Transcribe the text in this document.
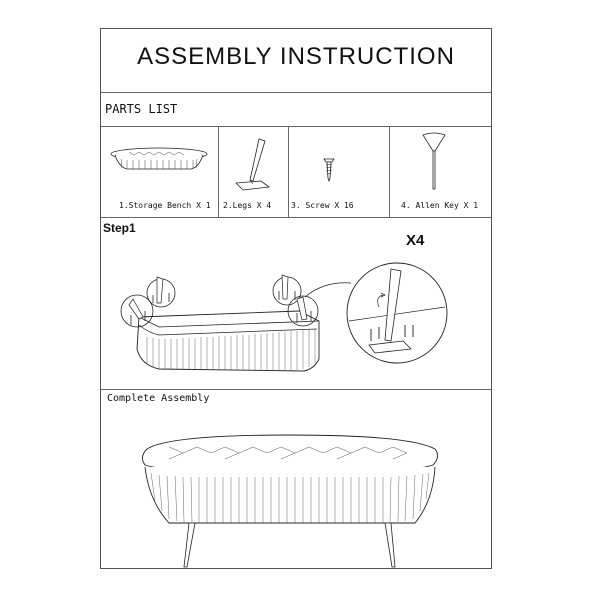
ASSEMBLY INSTRUCTION
PARTS LIST
1.Storage Bench X 1 2.Legs X 4 3. Screw X 16	4. Allen Key X 1
Step1
X4
Complete Assembly
